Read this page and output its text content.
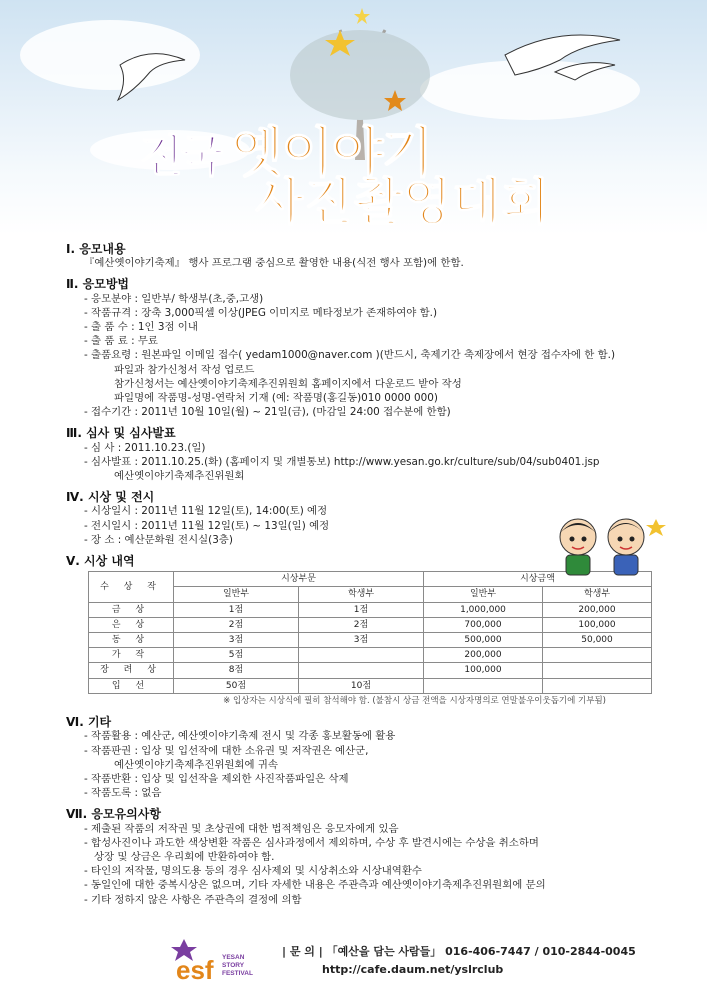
전국 옛이야기
사진촬영대회
Ⅰ. 응모내용
『예산옛이야기축제』 행사 프로그램 중심으로 촬영한 내용(식전 행사 포함)에 한함.
Ⅱ. 응모방법
- 응모분야 : 일반부/ 학생부(초,중,고생)
- 작품규격 : 장축 3,000픽셀 이상(JPEG 이미지로 메타정보가 존재하여야 함.)
- 출 품 수 : 1인 3점 이내
- 출 품 료 : 무료
- 출품요령 : 원본파일 이메일 접수( yedam1000@naver.com )(반드시, 축제기간 축제장에서 현장 접수자에 한 함.)
파일과 참가신청서 작성 업로드
참가신청서는 예산옛이야기축제추진위원회 홈페이지에서 다운로드 받아 작성
파일명에 작품명-성명-연락처 기재 (예: 작품명(홍길동)010 0000 000)
- 접수기간 : 2011년 10월 10일(월) ~ 21일(금), (마감일 24:00 접수분에 한함)
Ⅲ. 심사 및 심사발표
- 심 사 : 2011.10.23.(일)
- 심사발표 : 2011.10.25.(화) (홈페이지 및 개별통보) http://www.yesan.go.kr/culture/sub/04/sub0401.jsp
예산옛이야기축제추진위원회
Ⅳ. 시상 및 전시
- 시상일시 : 2011년 11월 12일(토), 14:00(토) 예정
- 전시일시 : 2011년 11월 12일(토) ~ 13일(일) 예정
- 장 소 : 예산문화원 전시실(3층)
Ⅴ. 시상 내역
수 상 작	시상부문		시상금액	
	일반부	학생부	일반부	학생부
금 상	1점	1점	1,000,000	200,000
은 상	2점	2점	700,000	100,000
동 상	3점	3점	500,000	50,000
가 작	5점		200,000	
장 려 상	8점		100,000	
입 선	50점	10점		
※ 입상자는 시상식에 필히 참석해야 함. (불참시 상금 전액을 시상자명의로 연말불우이웃돕기에 기부됨)
Ⅵ. 기타
- 작품활용 : 예산군, 예산옛이야기축제 전시 및 각종 홍보활동에 활용
- 작품판권 : 입상 및 입선작에 대한 소유권 및 저작권은 예산군,
예산옛이야기축제추진위원회에 귀속
- 작품반환 : 입상 및 입선작을 제외한 사진작품파일은 삭제
- 작품도록 : 없음
Ⅶ. 응모유의사항
- 제출된 작품의 저작권 및 초상권에 대한 법적책임은 응모자에게 있음
- 합성사진이나 과도한 색상변환 작품은 심사과정에서 제외하며, 수상 후 발견시에는 수상을 취소하며
상장 및 상금은 우리회에 반환하여야 함.
- 타인의 저작물, 명의도용 등의 경우 심사제외 및 시상취소와 시상내역환수
- 동일인에 대한 중복시상은 없으며, 기타 자세한 내용은 주관측과 예산옛이야기축제추진위원회에 문의
- 기타 정하지 않은 사항은 주관측의 결정에 의함
esf YESAN
STORY
FESTIVAL
| 문 의 | 「예산을 담는 사람들」 016-406-7447 / 010-2844-0045
http://cafe.daum.net/yslrclub
